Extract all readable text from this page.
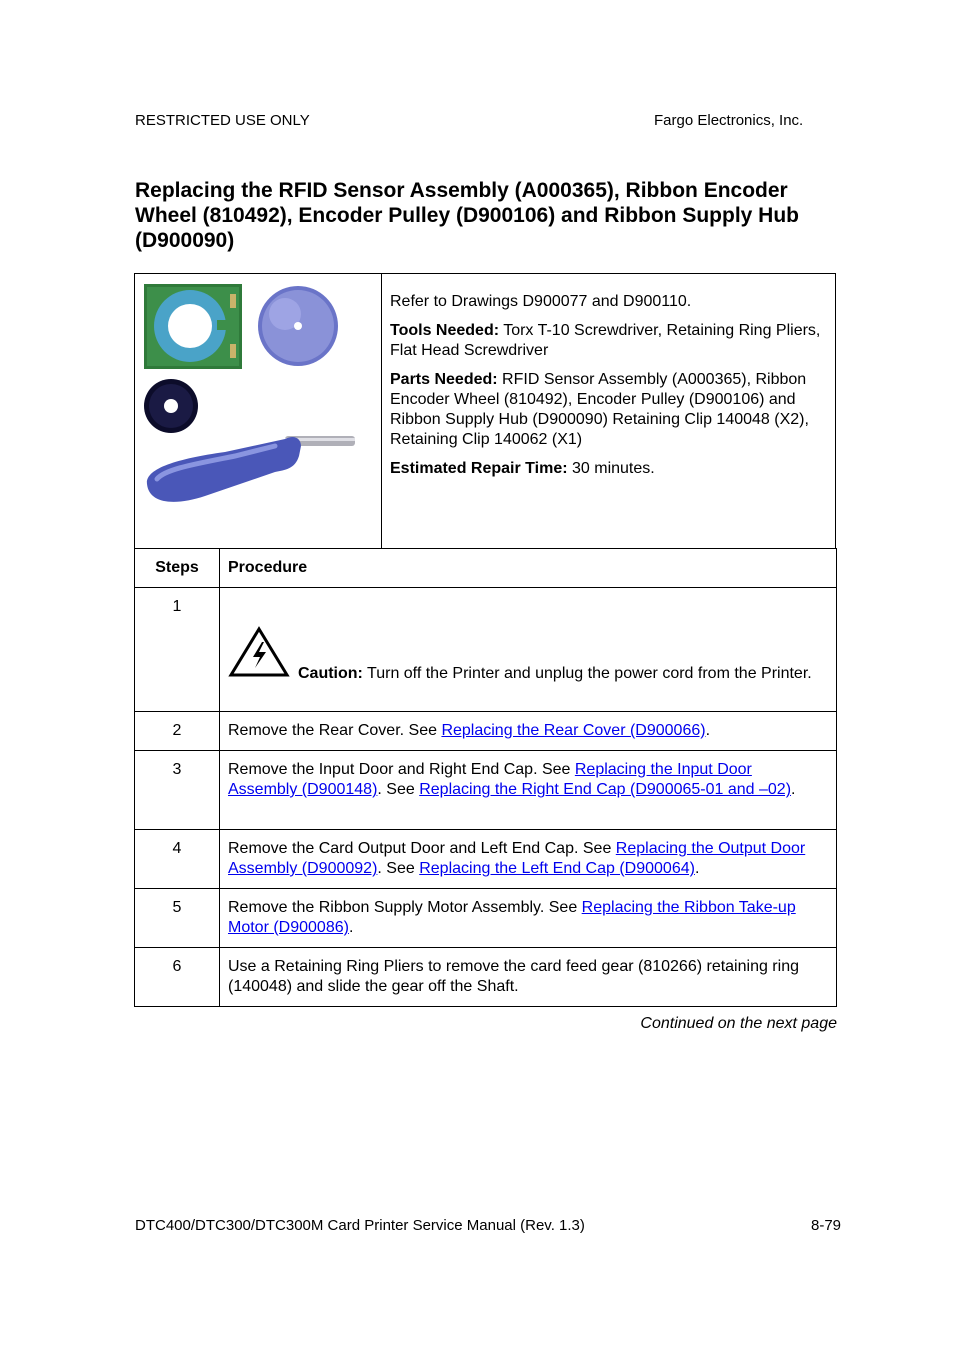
RESTRICTED USE ONLY	Fargo Electronics, Inc.
Replacing the RFID Sensor Assembly (A000365), Ribbon Encoder Wheel (810492), Encoder Pulley (D900106) and Ribbon Supply Hub (D900090)

Refer to Drawings D900077 and D900110.

Tools Needed: Torx T-10 Screwdriver, Retaining Ring Pliers, Flat Head Screwdriver

Parts Needed: RFID Sensor Assembly (A000365), Ribbon Encoder Wheel (810492), Encoder Pulley (D900106) and Ribbon Supply Hub (D900090) Retaining Clip 140048 (X2), Retaining Clip 140062 (X1)

Estimated Repair Time: 30 minutes.

Steps	Procedure
1	Caution: Turn off the Printer and unplug the power cord from the Printer.
2	Remove the Rear Cover. See Replacing the Rear Cover (D900066).
3	Remove the Input Door and Right End Cap. See Replacing the Input Door Assembly (D900148). See Replacing the Right End Cap (D900065-01 and –02).
4	Remove the Card Output Door and Left End Cap. See Replacing the Output Door Assembly (D900092). See Replacing the Left End Cap (D900064).
5	Remove the Ribbon Supply Motor Assembly. See Replacing the Ribbon Take-up Motor (D900086).
6	Use a Retaining Ring Pliers to remove the card feed gear (810266) retaining ring (140048) and slide the gear off the Shaft.
Continued on the next page
DTC400/DTC300/DTC300M Card Printer Service Manual (Rev. 1.3)	8-79
